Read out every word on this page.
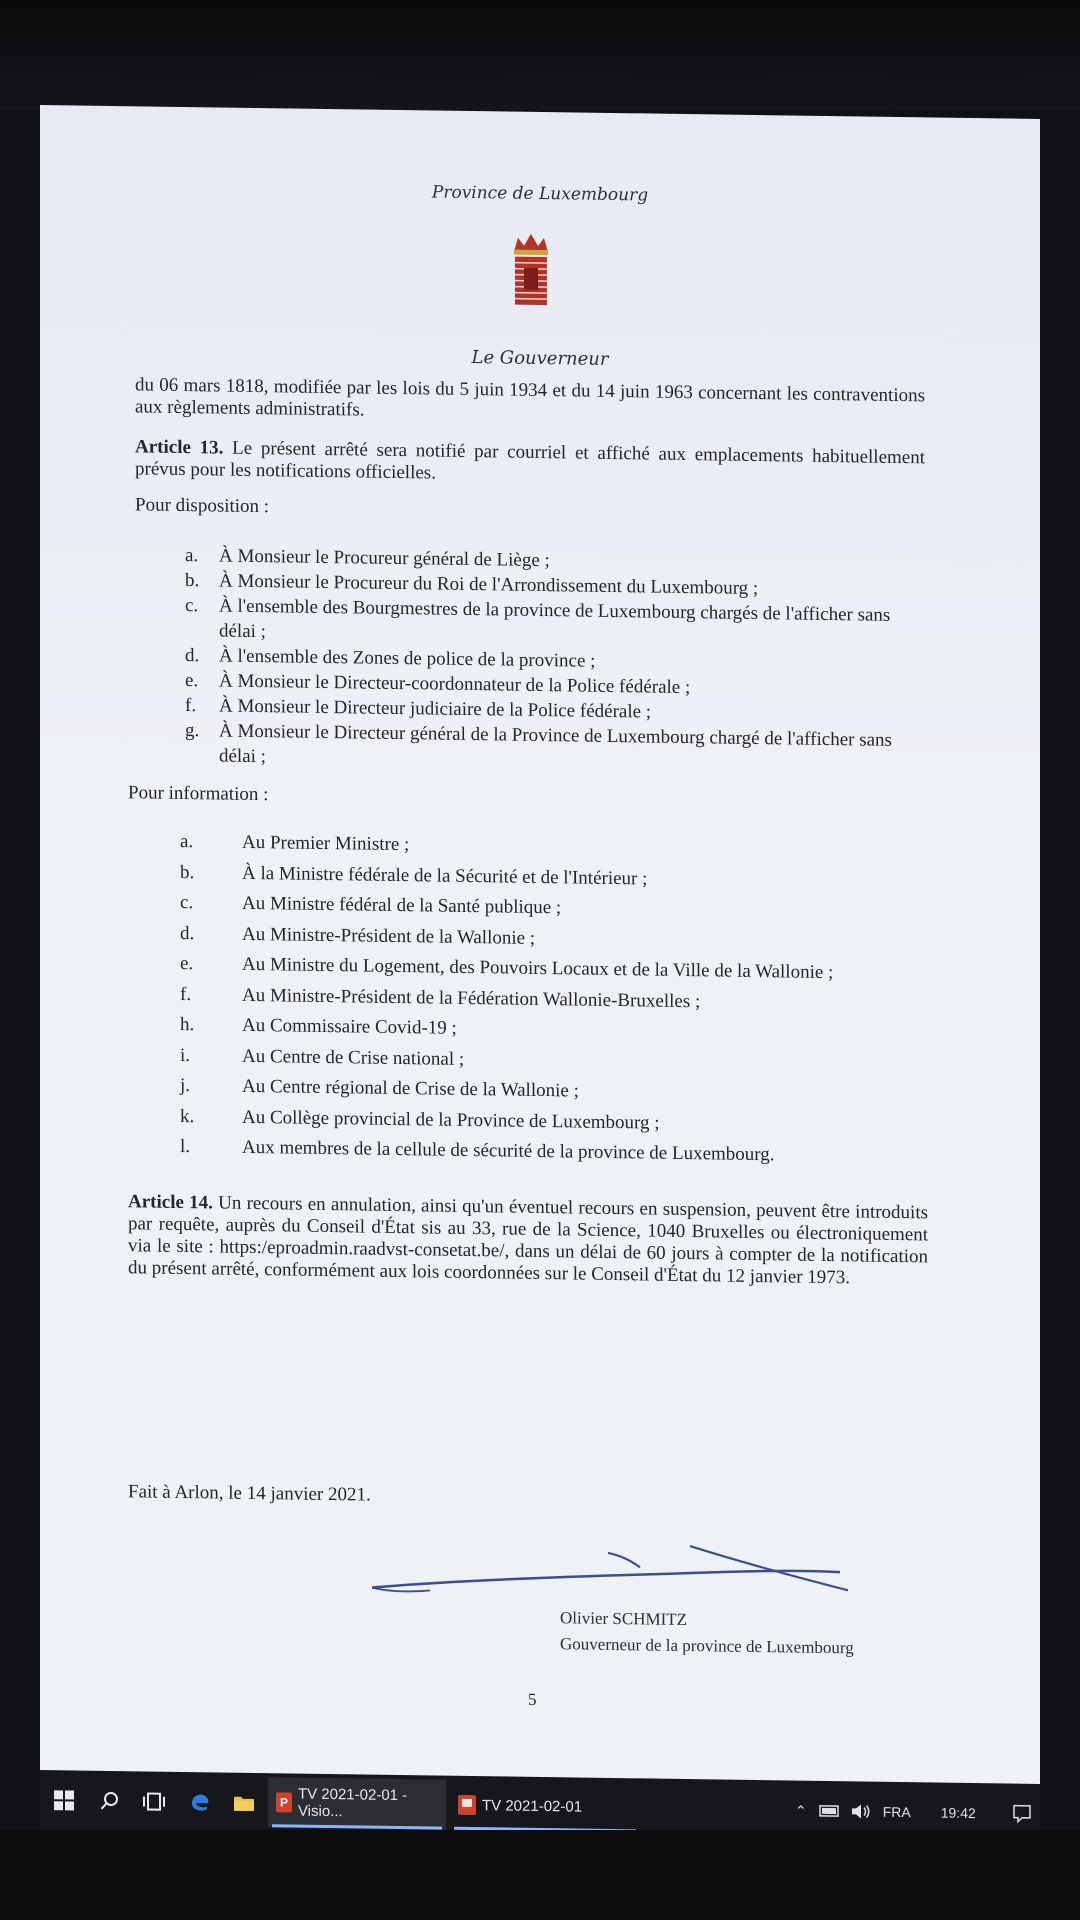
Province de Luxembourg
Le Gouverneur

du 06 mars 1818, modifiée par les lois du 5 juin 1934 et du 14 juin 1963 concernant les contraventions aux règlements administratifs.

Article 13. Le présent arrêté sera notifié par courriel et affiché aux emplacements habituellement prévus pour les notifications officielles.

Pour disposition :
a. À Monsieur le Procureur général de Liège ;
b. À Monsieur le Procureur du Roi de l'Arrondissement du Luxembourg ;
c. À l'ensemble des Bourgmestres de la province de Luxembourg chargés de l'afficher sans délai ;
d. À l'ensemble des Zones de police de la province ;
e. À Monsieur le Directeur-coordonnateur de la Police fédérale ;
f. À Monsieur le Directeur judiciaire de la Police fédérale ;
g. À Monsieur le Directeur général de la Province de Luxembourg chargé de l'afficher sans délai ;
Pour information :
a.	Au Premier Ministre ;
b.	À la Ministre fédérale de la Sécurité et de l'Intérieur ;
c.	Au Ministre fédéral de la Santé publique ;
d.	Au Ministre-Président de la Wallonie ;
e.	Au Ministre du Logement, des Pouvoirs Locaux et de la Ville de la Wallonie ;
f.	Au Ministre-Président de la Fédération Wallonie-Bruxelles ;
h.	Au Commissaire Covid-19 ;
i.	Au Centre de Crise national ;
j.	Au Centre régional de Crise de la Wallonie ;
k.	Au Collège provincial de la Province de Luxembourg ;
l.	Aux membres de la cellule de sécurité de la province de Luxembourg.

Article 14. Un recours en annulation, ainsi qu'un éventuel recours en suspension, peuvent être introduits par requête, auprès du Conseil d'État sis au 33, rue de la Science, 1040 Bruxelles ou électroniquement via le site : https:/eproadmin.raadvst-consetat.be/, dans un délai de 60 jours à compter de la notification du présent arrêté, conformément aux lois coordonnées sur le Conseil d'État du 12 janvier 1973.

Fait à Arlon, le 14 janvier 2021.
Olivier SCHMITZ
Gouverneur de la province de Luxembourg
5
P TV 2021-02-01 - Visio...	TV 2021-02-01	⌃	FRA 19:42
